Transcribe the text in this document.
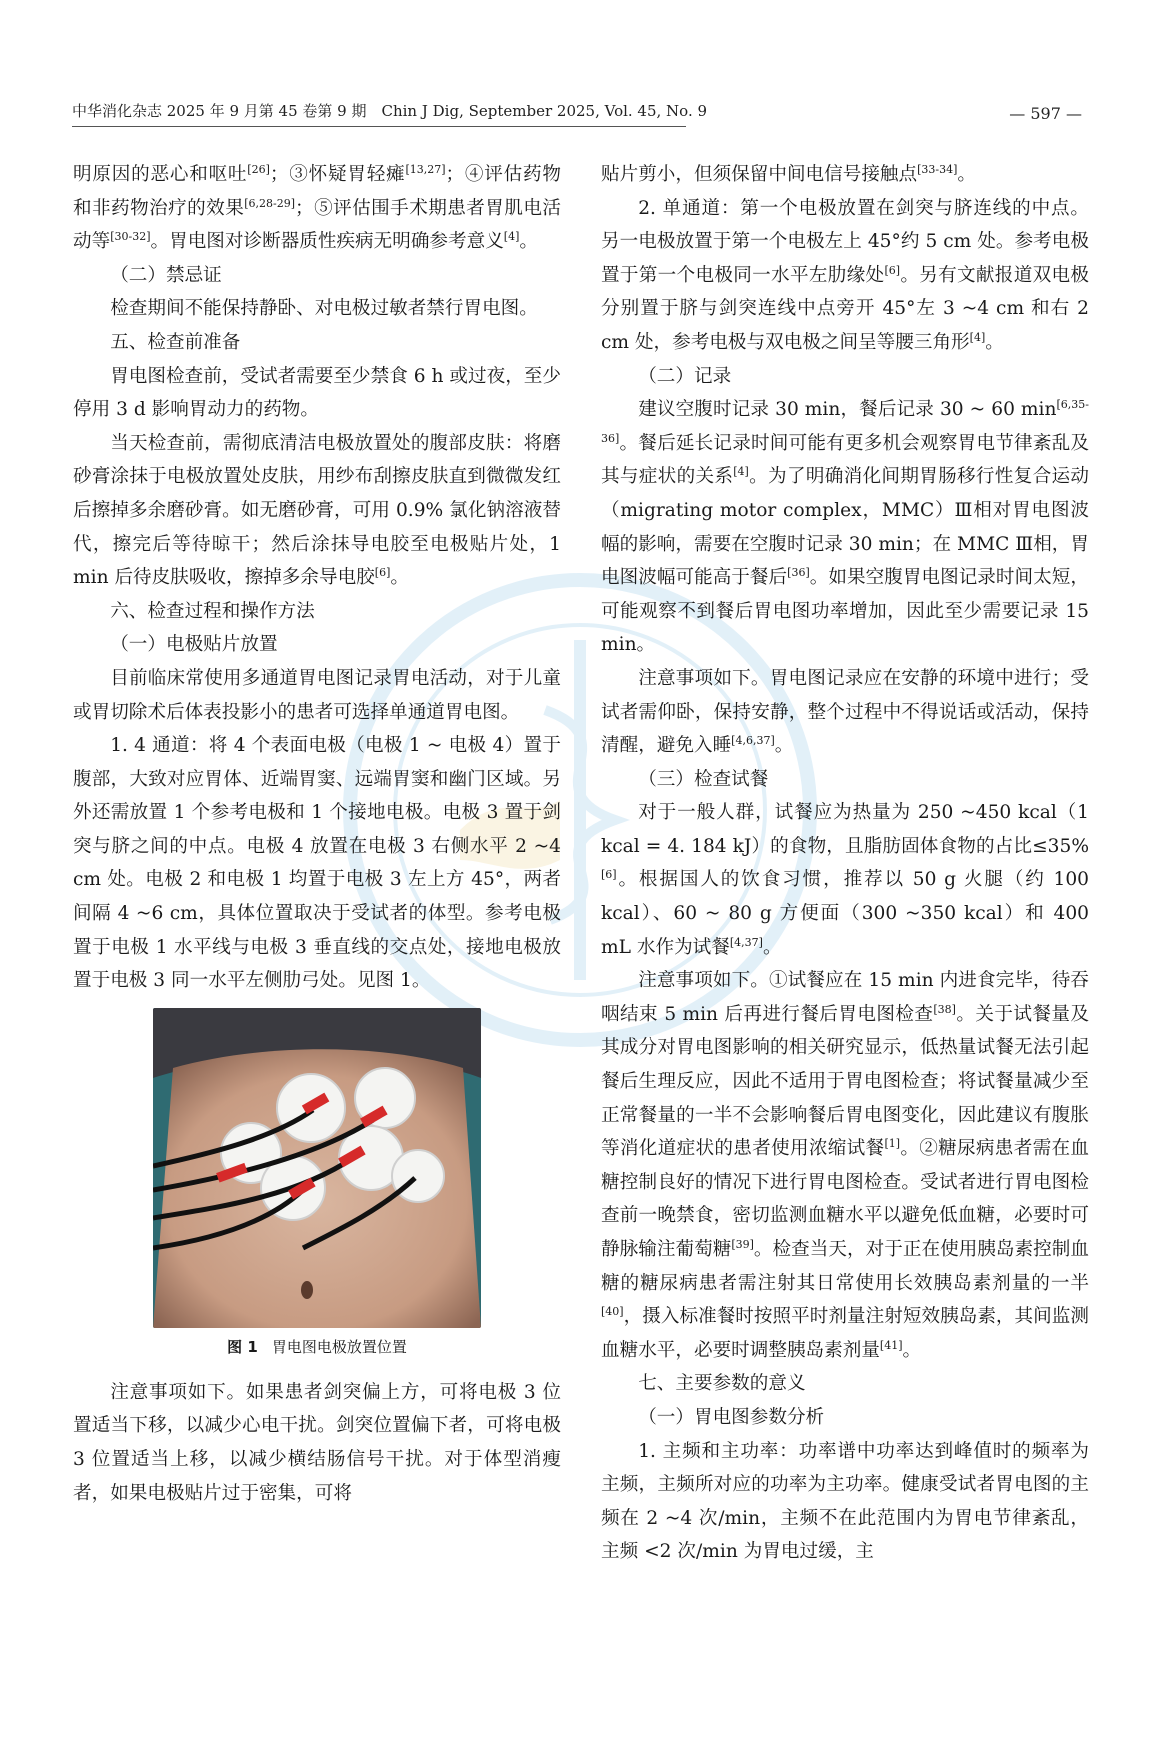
中华消化杂志 2025 年 9 月第 45 卷第 9 期　Chin J Dig, September 2025, Vol. 45, No. 9	— 597 —

明原因的恶心和呕吐[26]；③怀疑胃轻瘫[13,27]；④评估药物和非药物治疗的效果[6,28-29]；⑤评估围手术期患者胃肌电活动等[30-32]。胃电图对诊断器质性疾病无明确参考意义[4]。

（二）禁忌证

检查期间不能保持静卧、对电极过敏者禁行胃电图。

五、检查前准备

胃电图检查前，受试者需要至少禁食 6 h 或过夜，至少停用 3 d 影响胃动力的药物。

当天检查前，需彻底清洁电极放置处的腹部皮肤：将磨砂膏涂抹于电极放置处皮肤，用纱布刮擦皮肤直到微微发红后擦掉多余磨砂膏。如无磨砂膏，可用 0.9% 氯化钠溶液替代，擦完后等待晾干；然后涂抹导电胶至电极贴片处，1 min 后待皮肤吸收，擦掉多余导电胶[6]。

六、检查过程和操作方法

（一）电极贴片放置

目前临床常使用多通道胃电图记录胃电活动，对于儿童或胃切除术后体表投影小的患者可选择单通道胃电图。

1. 4 通道：将 4 个表面电极（电极 1 ~ 电极 4）置于腹部，大致对应胃体、近端胃窦、远端胃窦和幽门区域。另外还需放置 1 个参考电极和 1 个接地电极。电极 3 置于剑突与脐之间的中点。电极 4 放置在电极 3 右侧水平 2 ~4 cm 处。电极 2 和电极 1 均置于电极 3 左上方 45°，两者间隔 4 ~6 cm，具体位置取决于受试者的体型。参考电极置于电极 1 水平线与电极 3 垂直线的交点处，接地电极放置于电极 3 同一水平左侧肋弓处。见图 1。

图 1 胃电图电极放置位置

注意事项如下。如果患者剑突偏上方，可将电极 3 位置适当下移，以减少心电干扰。剑突位置偏下者，可将电极 3 位置适当上移，以减少横结肠信号干扰。对于体型消瘦者，如果电极贴片过于密集，可将

贴片剪小，但须保留中间电信号接触点[33-34]。

2. 单通道：第一个电极放置在剑突与脐连线的中点。另一电极放置于第一个电极左上 45°约 5 cm 处。参考电极置于第一个电极同一水平左肋缘处[6]。另有文献报道双电极分别置于脐与剑突连线中点旁开 45°左 3 ~4 cm 和右 2 cm 处，参考电极与双电极之间呈等腰三角形[4]。

（二）记录

建议空腹时记录 30 min，餐后记录 30 ~ 60 min[6,35-36]。餐后延长记录时间可能有更多机会观察胃电节律紊乱及其与症状的关系[4]。为了明确消化间期胃肠移行性复合运动（migrating motor complex，MMC）Ⅲ相对胃电图波幅的影响，需要在空腹时记录 30 min；在 MMC Ⅲ相，胃电图波幅可能高于餐后[36]。如果空腹胃电图记录时间太短，可能观察不到餐后胃电图功率增加，因此至少需要记录 15 min。

注意事项如下。胃电图记录应在安静的环境中进行；受试者需仰卧，保持安静，整个过程中不得说话或活动，保持清醒，避免入睡[4,6,37]。

（三）检查试餐

对于一般人群，试餐应为热量为 250 ~450 kcal（1 kcal = 4. 184 kJ）的食物，且脂肪固体食物的占比≤35%[6]。根据国人的饮食习惯，推荐以 50 g 火腿（约 100 kcal）、60 ~ 80 g 方便面（300 ~350 kcal）和 400 mL 水作为试餐[4,37]。

注意事项如下。①试餐应在 15 min 内进食完毕，待吞咽结束 5 min 后再进行餐后胃电图检查[38]。关于试餐量及其成分对胃电图影响的相关研究显示，低热量试餐无法引起餐后生理反应，因此不适用于胃电图检查；将试餐量减少至正常餐量的一半不会影响餐后胃电图变化，因此建议有腹胀等消化道症状的患者使用浓缩试餐[1]。②糖尿病患者需在血糖控制良好的情况下进行胃电图检查。受试者进行胃电图检查前一晚禁食，密切监测血糖水平以避免低血糖，必要时可静脉输注葡萄糖[39]。检查当天，对于正在使用胰岛素控制血糖的糖尿病患者需注射其日常使用长效胰岛素剂量的一半[40]，摄入标准餐时按照平时剂量注射短效胰岛素，其间监测血糖水平，必要时调整胰岛素剂量[41]。

七、主要参数的意义

（一）胃电图参数分析

1. 主频和主功率：功率谱中功率达到峰值时的频率为主频，主频所对应的功率为主功率。健康受试者胃电图的主频在 2 ~4 次/min，主频不在此范围内为胃电节律紊乱，主频 <2 次/min 为胃电过缓，主
